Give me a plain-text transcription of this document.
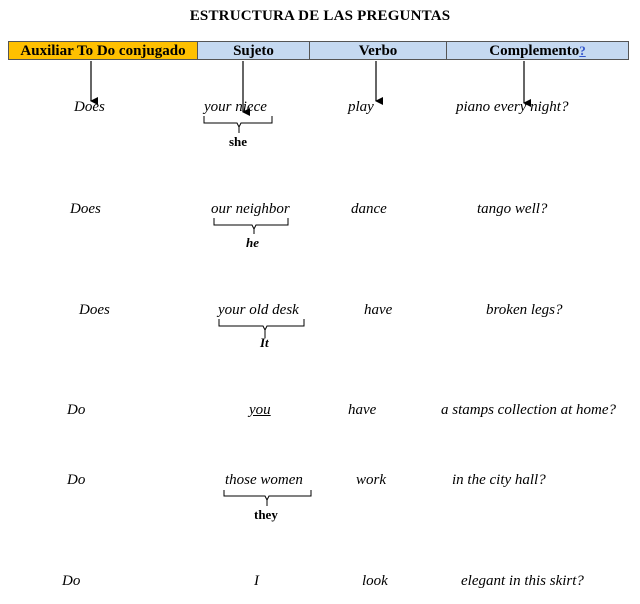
ESTRUCTURA DE LAS PREGUNTAS
Auxiliar To Do conjugado	Sujeto	Verbo	Complemento?
Does	your niece	play	piano every night?
she
Does	our neighbor	dance	tango well?
he
Does	your old desk	have	broken legs?
It
Do	you	have	a stamps collection at home?
Do	those women	work	in the city hall?
they
Do	I	look	elegant in this skirt?
